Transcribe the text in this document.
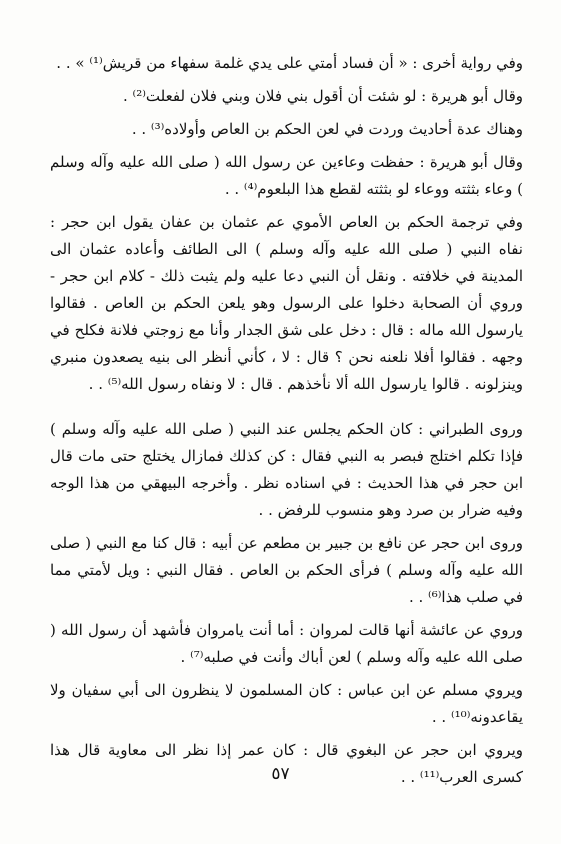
وفي رواية أخرى : « أن فساد أمتي على يدي غلمة سفهاء من قريش⁽¹⁾ » . .

وقال أبو هريرة : لو شئت أن أقول بني فلان وبني فلان لفعلت⁽²⁾ .

وهناك عدة أحاديث وردت في لعن الحكم بن العاص وأولاده⁽³⁾ . .

وقال أبو هريرة : حفظت وعاءين عن رسول الله ( صلى الله عليه وآله وسلم ) وعاء بثثته ووعاء لو بثثته لقطع هذا البلعوم⁽⁴⁾ . .

وفي ترجمة الحكم بن العاص الأموي عم عثمان بن عفان يقول ابن حجر : نفاه النبي ( صلى الله عليه وآله وسلم ) الى الطائف وأعاده عثمان الى المدينة في خلافته . ونقل أن النبي دعا عليه ولم يثبت ذلك - كلام ابن حجر - وروي أن الصحابة دخلوا على الرسول وهو يلعن الحكم بن العاص . فقالوا يارسول الله ماله : قال : دخل على شق الجدار وأنا مع زوجتي فلانة فكلح في وجهه . فقالوا أفلا نلعنه نحن ؟ قال : لا ، كأني أنظر الى بنيه يصعدون منبري وينزلونه . قالوا يارسول الله ألا نأخذهم . قال : لا ونفاه رسول الله⁽⁵⁾ . .

وروى الطبراني : كان الحكم يجلس عند النبي ( صلى الله عليه وآله وسلم ) فإذا تكلم اختلج فبصر به النبي فقال : كن كذلك فمازال يختلج حتى مات قال ابن حجر في هذا الحديث : في اسناده نظر . وأخرجه البيهقي من هذا الوجه وفيه ضرار بن صرد وهو منسوب للرفض . .

وروى ابن حجر عن نافع بن جبير بن مطعم عن أبيه : قال كنا مع النبي ( صلى الله عليه وآله وسلم ) فرأى الحكم بن العاص . فقال النبي : ويل لأمتي مما في صلب هذا⁽⁶⁾ . .

وروي عن عائشة أنها قالت لمروان : أما أنت يامروان فأشهد أن رسول الله ( صلى الله عليه وآله وسلم ) لعن أباك وأنت في صلبه⁽⁷⁾ .

ويروي مسلم عن ابن عباس : كان المسلمون لا ينظرون الى أبي سفيان ولا يقاعدونه⁽¹⁰⁾ . .

ويروي ابن حجر عن البغوي قال : كان عمر إذا نظر الى معاوية قال هذا كسرى العرب⁽¹¹⁾ . .

٥٧
